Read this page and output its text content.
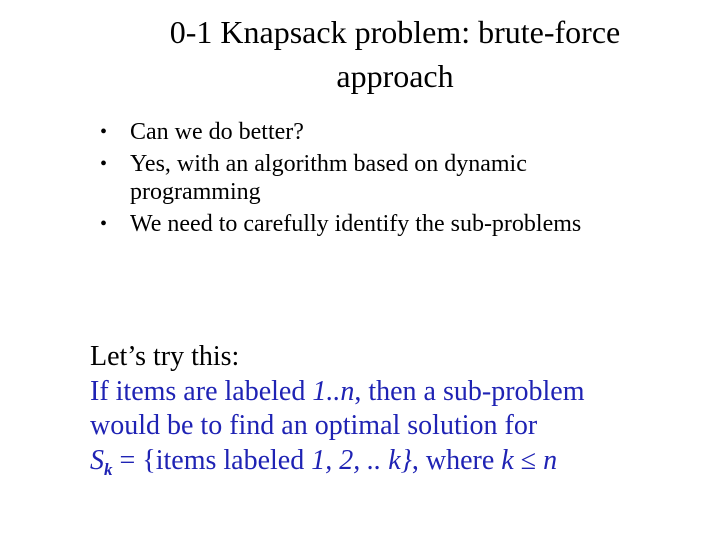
0-1 Knapsack problem: brute-force
approach
• Can we do better?
• Yes, with an algorithm based on dynamic programming
• We need to carefully identify the sub-problems
Let’s try this:
If items are labeled 1..n, then a sub-problem
would be to find an optimal solution for
$S_k$ = {items labeled 1, 2, .. k}, where k ≤ n
